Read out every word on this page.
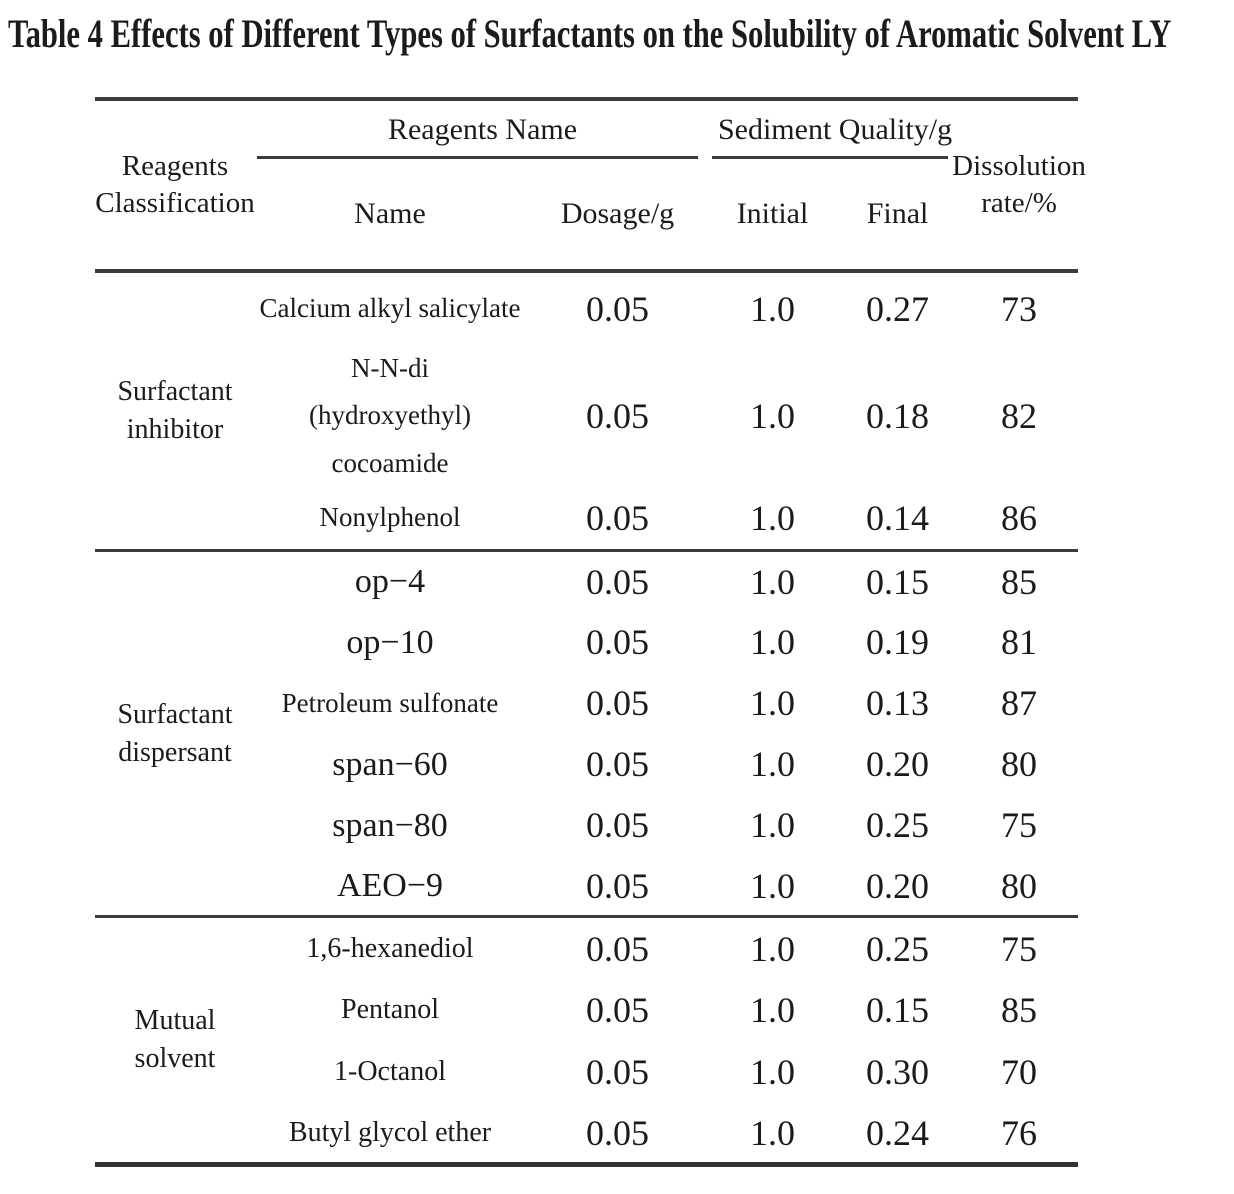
Table 4 Effects of Different Types of Surfactants on the Solubility of Aromatic Solvent LY
Reagents Classification	Reagents Name		Sediment Quality/g		Dissolution rate/%
	Name	Dosage/g	Initial	Final	
Surfactant inhibitor	Calcium alkyl salicylate	0.05	1.0	0.27	73
	N-N-di (hydroxyethyl) cocoamide	0.05	1.0	0.18	82
	Nonylphenol	0.05	1.0	0.14	86
Surfactant dispersant	op−4	0.05	1.0	0.15	85
	op−10	0.05	1.0	0.19	81
	Petroleum sulfonate	0.05	1.0	0.13	87
	span−60	0.05	1.0	0.20	80
	span−80	0.05	1.0	0.25	75
	AEO−9	0.05	1.0	0.20	80
Mutual solvent	1,6-hexanediol	0.05	1.0	0.25	75
	Pentanol	0.05	1.0	0.15	85
	1-Octanol	0.05	1.0	0.30	70
	Butyl glycol ether	0.05	1.0	0.24	76
